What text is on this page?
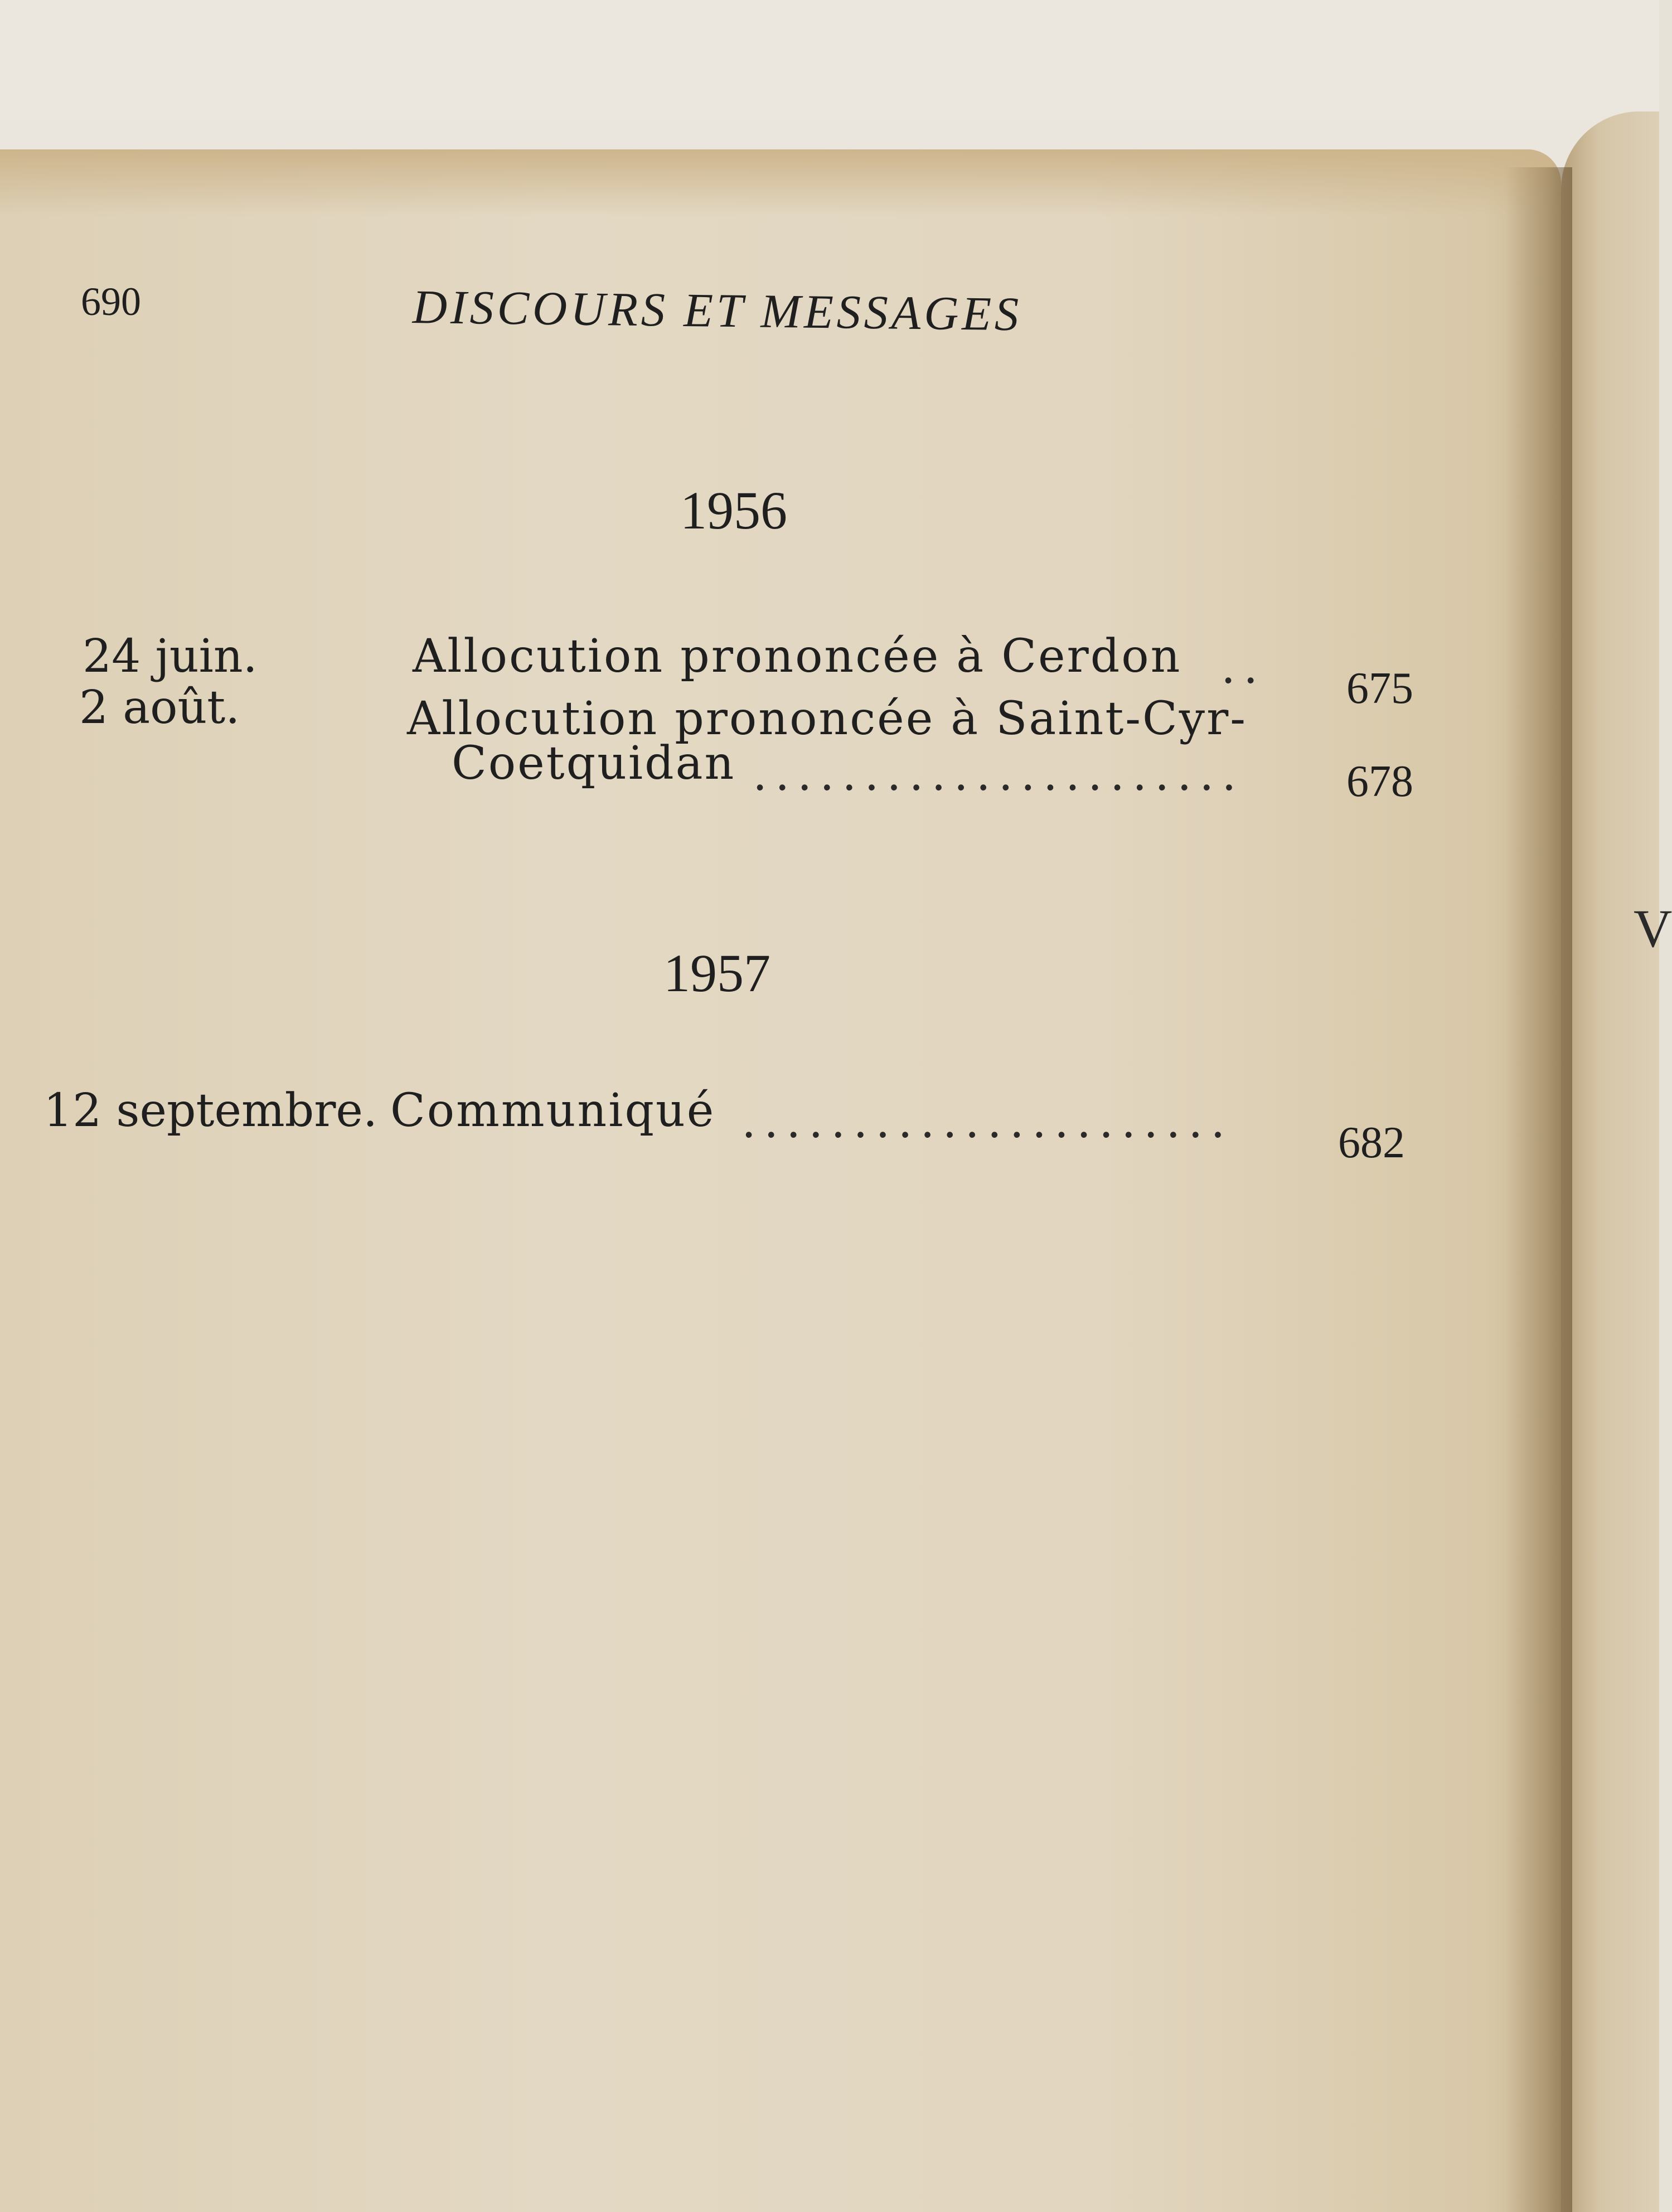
V
690	DISCOURS ET MESSAGES
1956
24 juin.	Allocution prononcée à Cerdon .. 675
2 août.	Allocution prononcée à Saint-Cyr-
Coetquidan ...................... 678
1957
12 septembre. Communiqué ...................... 682
